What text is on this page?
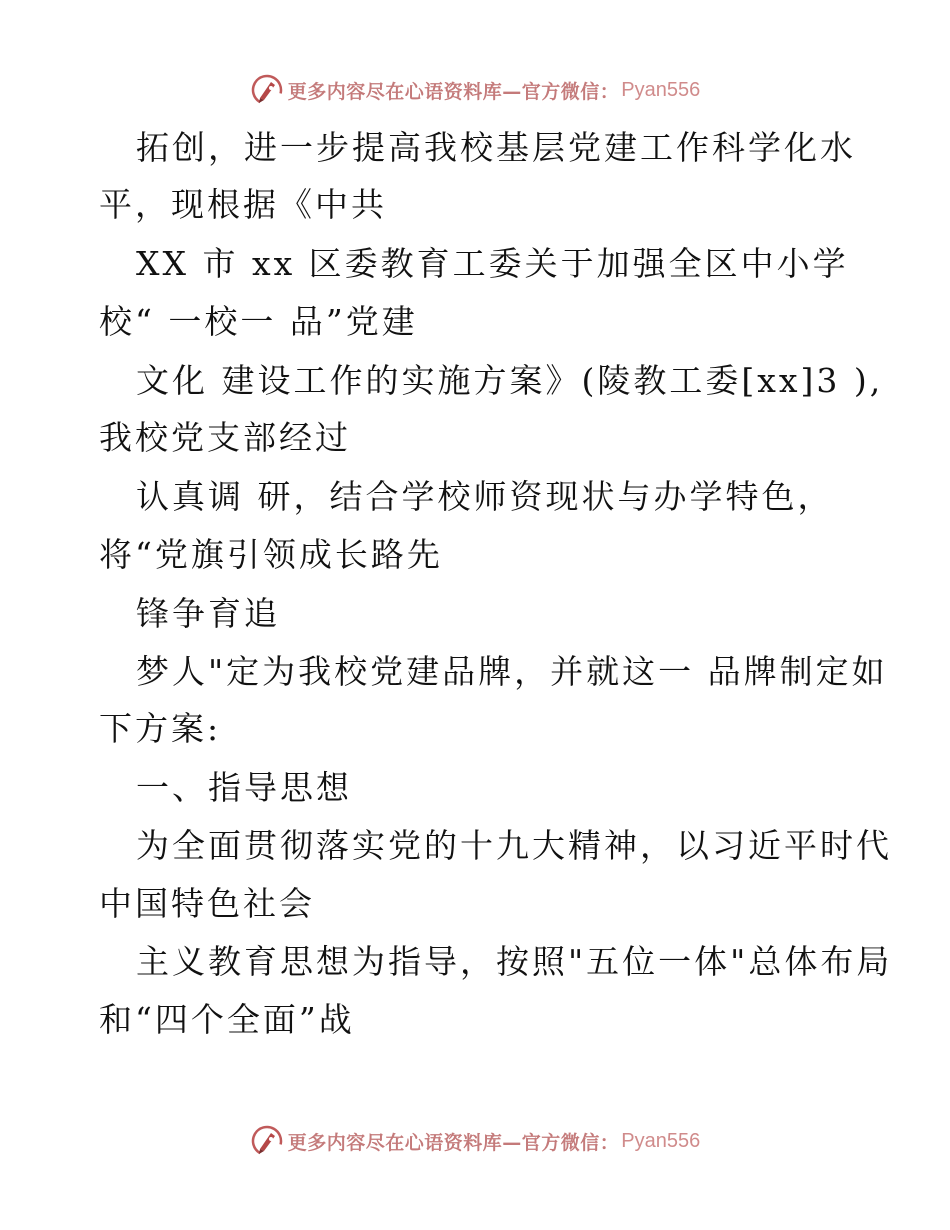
更多内容尽在心语资料库—官方微信： Pyan556
拓创，进一步提高我校基层党建工作科学化水
平，现根据《中共
XX 市 xx 区委教育工委关于加强全区中小学
校“ 一校一 品”党建
文化 建设工作的实施方案》(陵教工委[xx]3 ),
我校党支部经过
认真调 研，结合学校师资现状与办学特色，
将“党旗引领成长路先
锋争育追
梦人"定为我校党建品牌，并就这一 品牌制定如
下方案:
一、指导思想
为全面贯彻落实党的十九大精神，以习近平时代
中国特色社会
主义教育思想为指导，按照"五位一体"总体布局
和“四个全面”战
更多内容尽在心语资料库—官方微信： Pyan556
